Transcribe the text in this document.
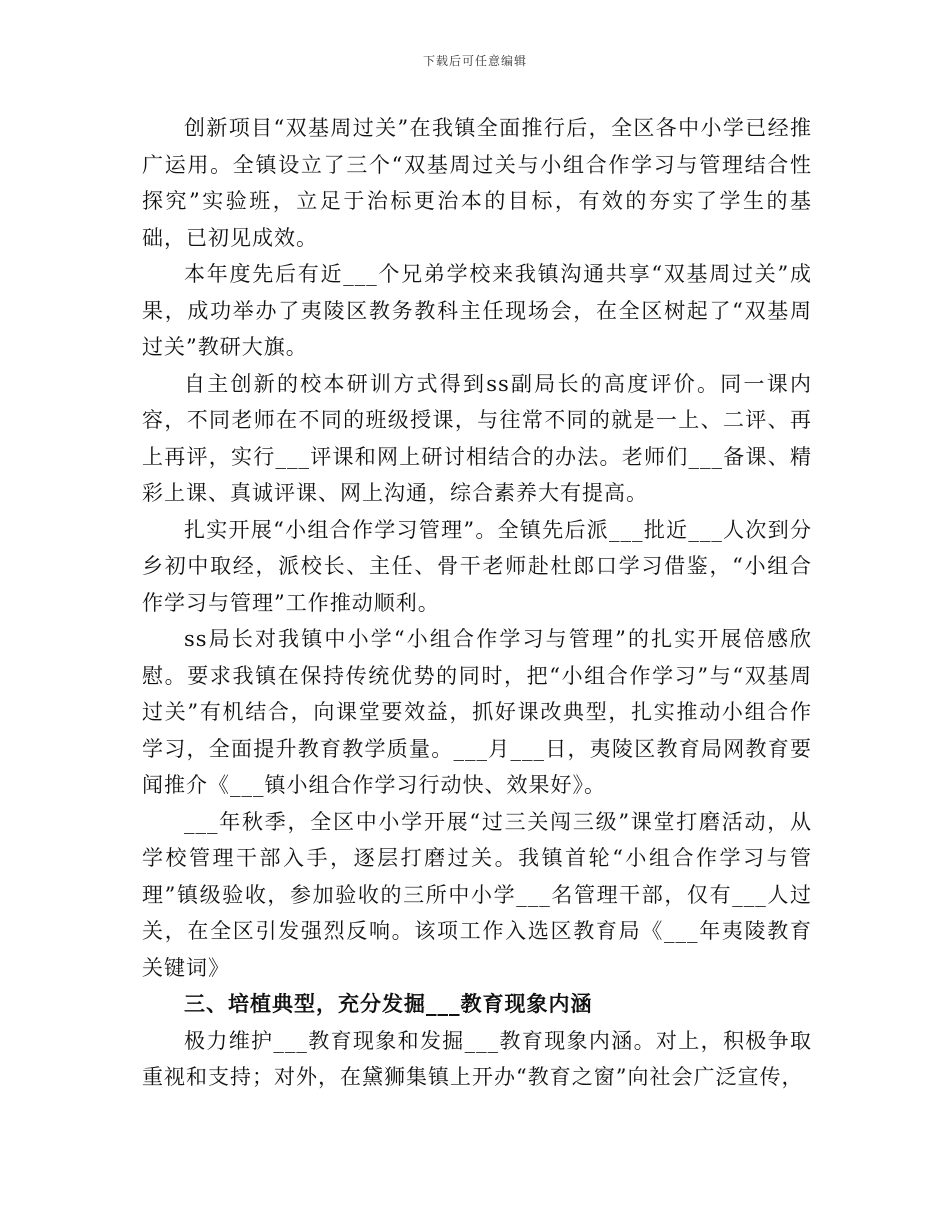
下载后可任意编辑

创新项目“双基周过关”在我镇全面推行后，全区各中小学已经推广运用。全镇设立了三个“双基周过关与小组合作学习与管理结合性探究”实验班，立足于治标更治本的目标，有效的夯实了学生的基础，已初见成效。

本年度先后有近___个兄弟学校来我镇沟通共享“双基周过关”成果，成功举办了夷陵区教务教科主任现场会，在全区树起了“双基周过关”教研大旗。

自主创新的校本研训方式得到ss副局长的高度评价。同一课内容，不同老师在不同的班级授课，与往常不同的就是一上、二评、再上再评，实行___评课和网上研讨相结合的办法。老师们___备课、精彩上课、真诚评课、网上沟通，综合素养大有提高。

扎实开展“小组合作学习管理”。全镇先后派___批近___人次到分乡初中取经，派校长、主任、骨干老师赴杜郎口学习借鉴，“小组合作学习与管理”工作推动顺利。

ss局长对我镇中小学“小组合作学习与管理”的扎实开展倍感欣慰。要求我镇在保持传统优势的同时，把“小组合作学习”与“双基周过关”有机结合，向课堂要效益，抓好课改典型，扎实推动小组合作学习，全面提升教育教学质量。___月___日，夷陵区教育局网教育要闻推介《___镇小组合作学习行动快、效果好》。

___年秋季，全区中小学开展“过三关闯三级”课堂打磨活动，从学校管理干部入手，逐层打磨过关。我镇首轮“小组合作学习与管理”镇级验收，参加验收的三所中小学___名管理干部，仅有___人过关，在全区引发强烈反响。该项工作入选区教育局《___年夷陵教育关键词》

三、培植典型，充分发掘___教育现象内涵

极力维护___教育现象和发掘___教育现象内涵。对上，积极争取重视和支持；对外，在黛狮集镇上开办“教育之窗”向社会广泛宣传，
